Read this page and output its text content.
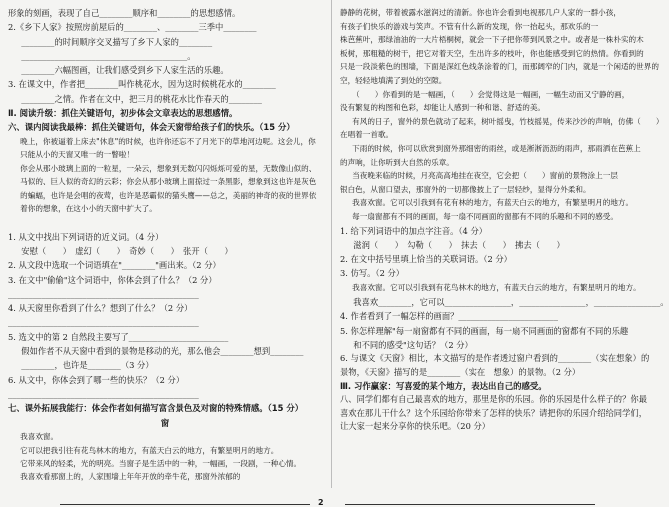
形象的刻画，表现了自己________顺序和________的思想感情。
2.《乡下人家》按照房前屋后的________、________三季中________
________的时间顺序交叉描写了乡下人家的________
________________________________________。
________六幅图画，让我们感受到乡下人家生活的乐趣。
3. 在课文中，作者把________叫作桃花水，因为这时候桃花水的________
________之情。作者在文中，把三月的桃花水比作春天的________
Ⅱ. 阅读升级：抓住关键语句，初步体会文章表达的思想感情。
六、课内阅读我最棒：抓住关键语句，体会天窗带给孩子们的快乐。（15 分）
晚上，你被逼着上床去"休息"的时候，也许你还忘不了月光下的草地河边呢。这会儿，你只能从小的天窗又唯一的一瞥啦！
你会从那小玻璃上面的一粒星，一朵云，想象到无数闪闪烁烁可爱的星，无数像山似的、马似的、巨人似的奇幻的云彩；你会从那小玻璃上面掠过一条黑影，想象到这也许是灰色的蝙蝠，也许是会唱的夜莺，也许是恶霸似的猫头鹰——总之，美丽的神奇的夜的世界依着你的想象，在这小小的天窗中扩大了。
1. 从文中找出下列词语的近义词。（4 分）
安慰（　　）　虚幻（　　）　奇妙（　　）　张开（　　）
2. 从文段中选取一个词语填在"________"画出来。（2 分）
3. 在文中"偷偷"这个词语中，你体会到了什么？（2 分）
______________________________________________
4. 从天窗里你看到了什么？想到了什么？（2 分）
______________________________________________
5. 选文中的第 2 自然段主要写了________________________
假如作者不从天窗中看到的景物是移动的光，那么他会________想到________
________，也许是________（3 分）
6. 从文中，你体会到了哪一些的快乐？（2 分）
______________________________________________
七、课外拓展我能行：体会作者如何描写富含景色及对窗的特殊情感。（15 分）
窗
我喜欢窗。
它可以把我引往有花鸟林木的地方，有蓝天白云的地方，有繁星明月的地方。
它带来风的轻柔，光的明亮。当窗子是生活中的一种，一幅画，一段剧，一种心情。
我喜欢看那窗上的，人家围墙上年年开放的牵牛花，那窗外浓郁的
静静的花树，带着被露水滋润过的清新。你也许会看到电视那几户人家的一群小孩，
有孩子们快乐的游戏与笑声。不管有什么新的发现，你一抬起头，那欢乐的一
株芭蕉叶，那绿油油的一大片梧桐树，就会一下子把你带到风景之中。或者是一株朴实的木
板树，那粗糙的树干，把它对着天空，生出许多的枝叶，你也能感受到它的热情。你看到的
只是一段淡紫色的围墙，下面是深红色线条涂着的门，而那阔窄的门内，就是一个闲适的世界的
空，轻轻地填满了到处的空隙。
（　　）你看到的是一幅画，（　　）会觉得这是一幅画，一幅生动而又宁静的画，
没有繁复的构图和色彩，却能让人感到一种和谐、舒适的美。
有风的日子，窗外的景色就动了起来，树叶摇曳，竹枝摇晃，传来沙沙的声响，仿佛（　　）
在唱着一首歌。
下雨的时候，你可以欣赏到窗外那细密的雨丝，或是淅淅沥沥的雨声，那雨洒在芭蕉上
的声响，让你听到大自然的乐章。
当夜晚来临的时候，月亮高高地挂在夜空，它会把（　　）窗前的景物涂上一层
银白色，从窗口望去，那窗外的一切都像披上了一层轻纱，显得分外柔和。
我喜欢窗。它可以引我到有花有林的地方，有蓝天白云的地方，有繁星明月的地方。
每一扇窗都有不同的画面，每一扇不同画面的窗都有不同的乐趣和不同的感受。
1. 给下列词语中的加点字注音。（4 分）
滋润（　　）　勾勒（　　）　抹去（　　）　拂去（　　）
2. 在文中括号里填上恰当的关联词语。（2 分）
3. 仿写。（2 分）
我喜欢窗。它可以引我到有花鸟林木的地方，有蓝天白云的地方，有繁星明月的地方。
我喜欢________，它可以________________，________________，________________。
4. 作者看到了一幅怎样的画面？________________________
5. 你怎样理解"每一扇窗都有不同的画面，每一扇不同画面的窗都有不同的乐趣
和不同的感受"这句话？（2 分）
6. 与课文《天窗》相比，本文描写的是作者透过窗户看到的________（实在想象）的景物，《天窗》描写的是________（实在　想象）的景物。（2 分）
Ⅲ. 习作赢家：写喜爱的某个地方，表达出自己的感受。
八、同学们都有自己最喜欢的地方，那里是你的乐园。你的乐园是什么样子的？你最喜欢在那儿干什么？这个乐园给你带来了怎样的快乐？请把你的乐园介绍给同学们，让大家一起来分享你的快乐吧。（20 分）
2
